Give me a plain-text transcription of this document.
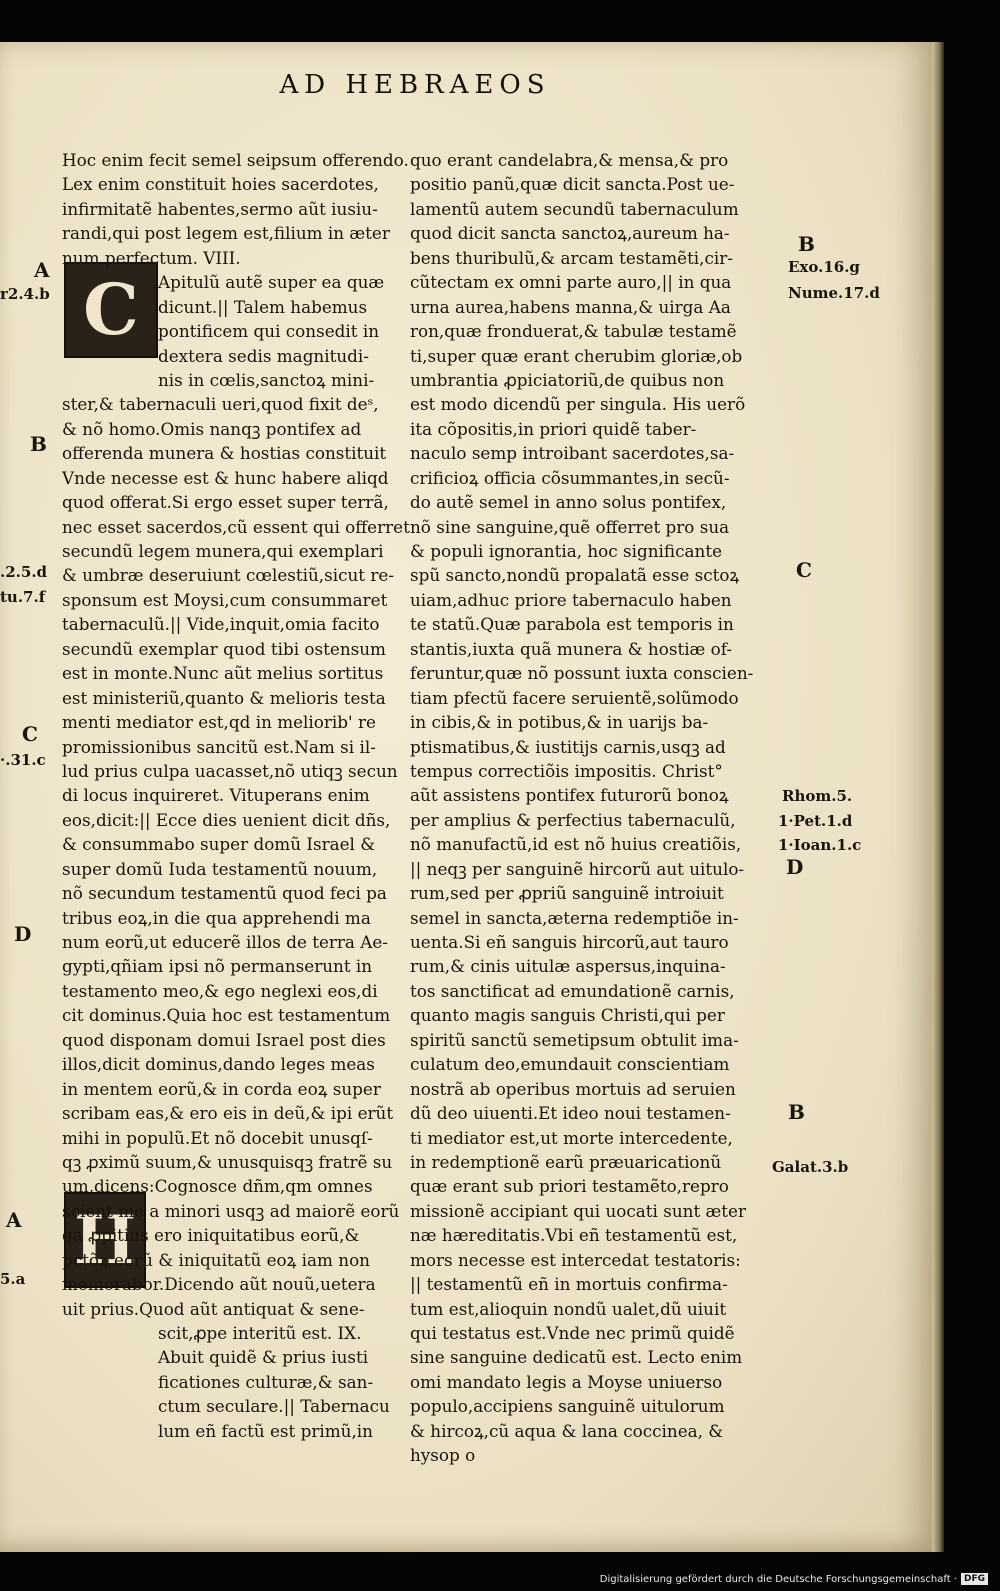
AD HEBRAEOS
C
H
Hoc enim fecit semel seipsum offerendo.
Lex enim constituit hoies sacerdotes,
infirmitatẽ habentes,sermo aũt iusiu-
randi,qui post legem est,filium in æter
num perfectum. VIII.
Apitulũ autẽ super ea quæ
dicunt.|| Talem habemus
pontificem qui consedit in
dexterа sedis magnitudi-
nis in cœlis,sanctoꝝ mini-
ster,& tabernaculi ueri,quod fixit deˢ,
& nõ homo.Omis nanqꝫ pontifex ad
offerenda munera & hostias constituit
Vnde necesse est & hunc habere aliqd
quod offerat.Si ergo esset super terrã,
nec esset sacerdos,cũ essent qui offerret
secundũ legem munera,qui exemplari
& umbræ deseruiunt cœlestiũ,sicut re-
sponsum est Moysi,cum consummaret
tabernaculũ.|| Vide,inquit,omia facito
secundũ exemplar quod tibi ostensum
est in monte.Nunc aũt melius sortitus
est ministeriũ,quanto & melioris testa
menti mediator est,qd in meliorib' re
promissionibus sancitũ est.Nam si il-
lud prius culpa uacasset,nõ utiqꝫ secun
di locus inquireret. Vituperans enim
eos,dicit:|| Ecce dies uenient dicit dñs,
& consummabo super domũ Israel &
super domũ Iuda testamentũ nouum,
nõ secundum testamentũ quod feci pa
tribus eoꝝ,in die qua apprehendi ma
num eorũ,ut educerẽ illos de terra Ae-
gypti,qñiam ipsi nõ permanserunt in
testamento meo,& ego neglexi eos,di
cit dominus.Quia hoc est testamentum
quod disponam domui Israel post dies
illos,dicit dominus,dando leges meas
in mentem eorũ,& in corda eoꝝ super
scribam eas,& ero eis in deũ,& ipi erũt
mihi in populũ.Et nõ docebit unusqſ-
qꝫ ꝓximũ suum,& unusquisqꝫ fratrẽ su
um,dicens:Cognosce dñm,qm omnes
scient me a minori usqꝫ ad maiorẽ eorũ
qa ꝓpitius ero iniquitatibus eorũ,&
pctõꝝ eorũ & iniquitatũ eoꝝ iam non
memorabor.Dicendo aũt nouũ,uetera
uit prius.Quod aũt antiquat & sene-
scit,ꝓpe interitũ est. IX.
Abuit quidẽ & prius iusti
ficationes culturæ,& san-
ctum seculare.|| Tabernacu
lum eñ factũ est primũ,in
quo erant candelabra,& mensa,& pro
positio panũ,quæ dicit sancta.Post ue-
lamentũ autem secundũ tabernaculum
quod dicit sancta sanctoꝝ,aureum ha-
bens thuribulũ,& arcam testamẽti,cir-
cũtectam ex omni parte auro,|| in qua
urna aurea,habens manna,& uirga Aa
ron,quæ fronduerat,& tabulæ testamẽ
ti,super quæ erant cherubim gloriæ,ob
umbrantia ꝓpiciatoriũ,de quibus non
est modo dicendũ per singula. His uerõ
ita cõpositis,in priori quidẽ taber-
naculo semp introibant sacerdotes,sa-
crificioꝝ officia cõsummantes,in secũ-
do autẽ semel in anno solus pontifex,
nõ sine sanguine,quẽ offerret pro sua
& populi ignorantia, hoc significante
spũ sancto,nondũ propalatã esse sctoꝝ
uiam,adhuc priore tabernaculo haben
te statũ.Quæ parabola est temporis in
stantis,iuxta quã munera & hostiæ of-
feruntur,quæ nõ possunt iuxta conscien-
tiam pfectũ facere seruientẽ,solũmodo
in cibis,& in potibus,& in uarijs ba-
ptismatibus,& iustitijs carnis,usqꝫ ad
tempus correctiõis impositis. Christ°
aũt assistens pontifex futurorũ bonoꝝ
per amplius & perfectius tabernaculũ,
nõ manufactũ,id est nõ huius creatiõis,
|| neqꝫ per sanguinẽ hircorũ aut uitulo-
rum,sed per ꝓpriũ sanguinẽ introiuit
semel in sancta,æterna redemptiõe in-
uenta.Si eñ sanguis hircorũ,aut tauro
rum,& cinis uitulæ aspersus,inquina-
tos sanctificat ad emundationẽ carnis,
quanto magis sanguis Christi,qui per
spiritũ sanctũ semetipsum obtulit ima-
culatum deo,emundauit conscientiam
nostrã ab operibus mortuis ad seruien
dũ deo uiuenti.Et ideo noui testamen-
ti mediator est,ut morte intercedente,
in redemptionẽ earũ præuaricationũ
quæ erant sub priori testamẽto,repro
missionẽ accipiant qui uocati sunt æter
næ hæreditatis.Vbi eñ testamentũ est,
mors necesse est intercedat testatoris:
|| testamentũ eñ in mortuis confirma-
tum est,alioquin nondũ ualet,dũ uiuit
qui testatus est.Vnde nec primũ quidẽ
sine sanguine dedicatũ est. Lecto enim
omi mandato legis a Moyse uniuerso
populo,accipiens sanguinẽ uitulorum
& hircoꝝ,cũ aqua & lana coccinea, &
hysop o
A
r2.4.b
B
.2.5.d
tu.7.f
C
·.31.c
D
A
5.a
B
Exo.16.g
Nume.17.d
C
Rhom.5.
1·Pet.1.d
1·Ioan.1.c
D
B
Galat.3.b
Digitalisierung gefördert durch die Deutsche Forschungsgemeinschaft · DFG
